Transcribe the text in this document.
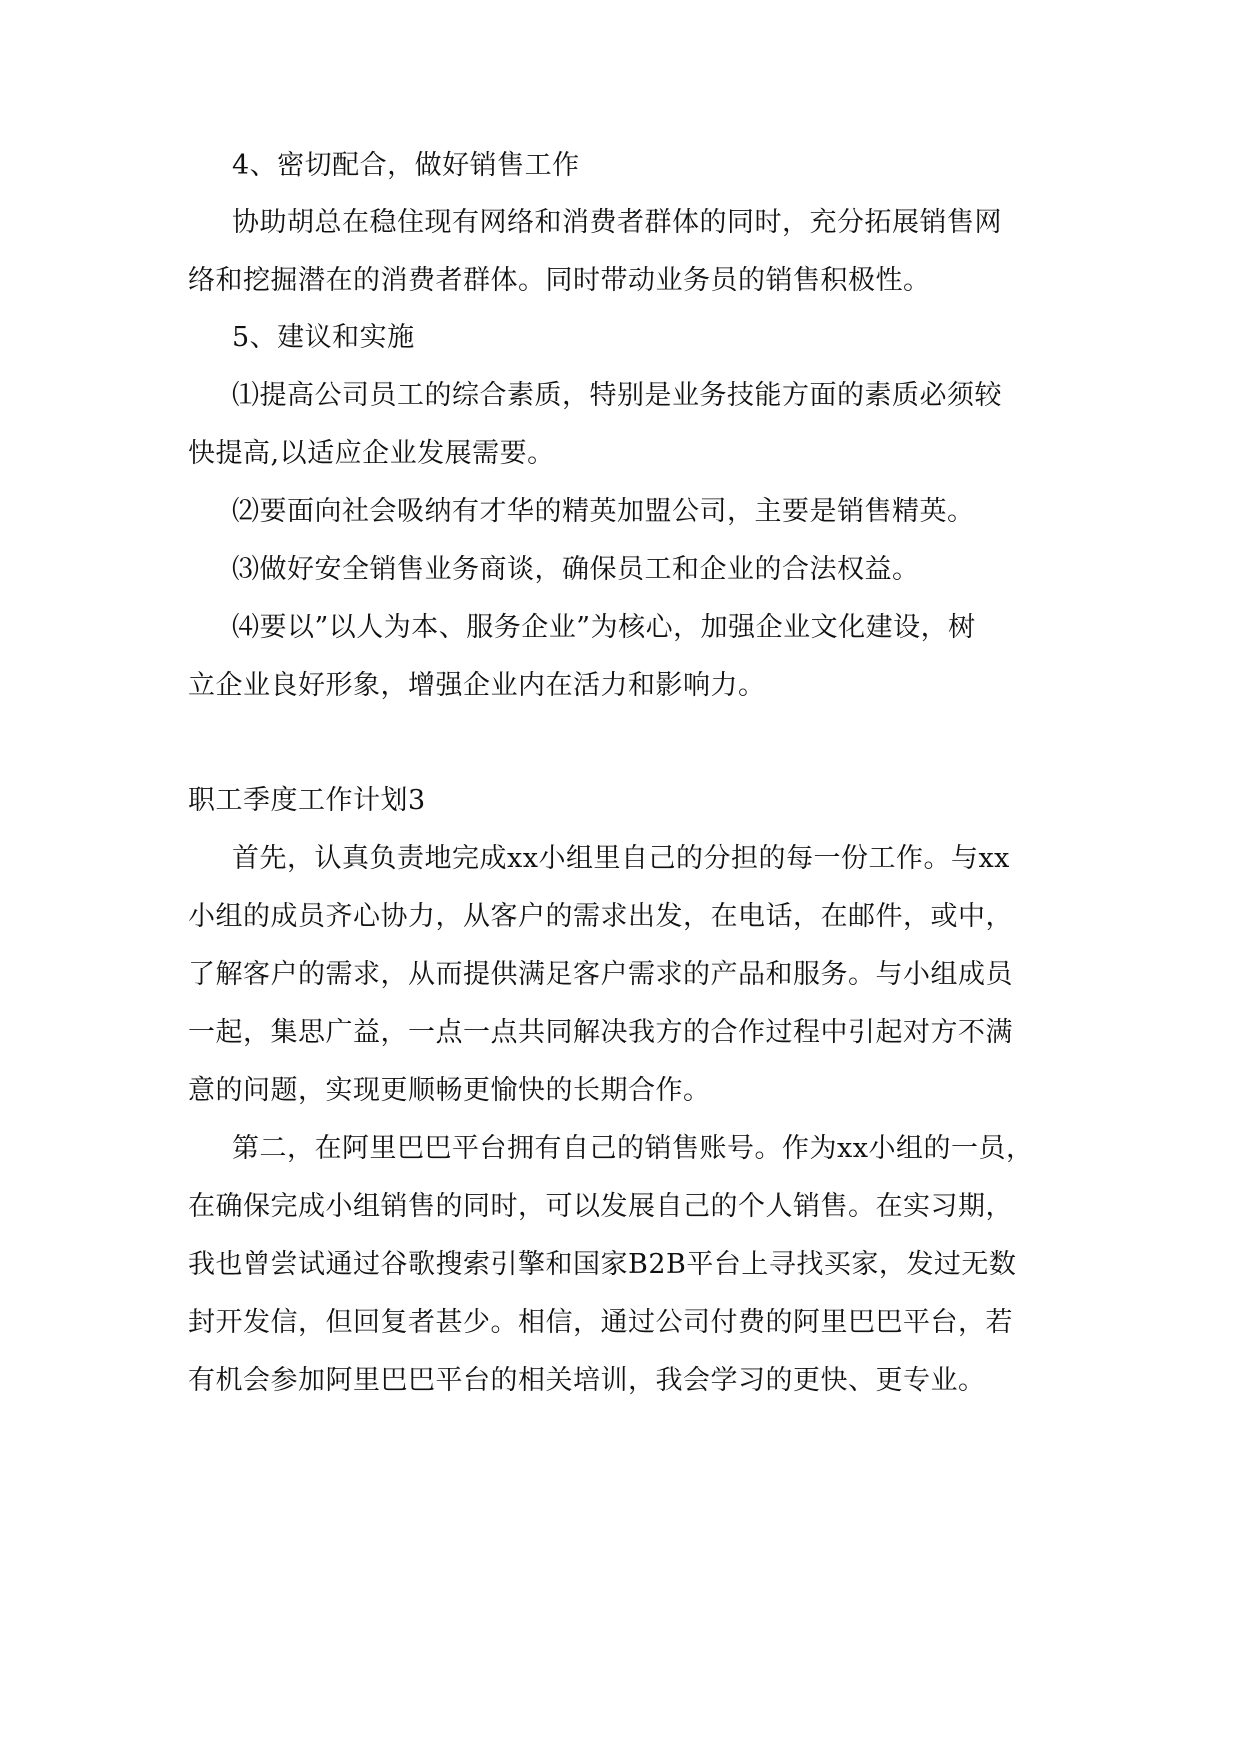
4、密切配合，做好销售工作
协助胡总在稳住现有网络和消费者群体的同时，充分拓展销售网
络和挖掘潜在的消费者群体。同时带动业务员的销售积极性。
5、建议和实施
⑴提高公司员工的综合素质，特别是业务技能方面的素质必须较
快提高,以适应企业发展需要。
⑵要面向社会吸纳有才华的精英加盟公司，主要是销售精英。
⑶做好安全销售业务商谈，确保员工和企业的合法权益。
⑷要以”以人为本、服务企业”为核心，加强企业文化建设，树
立企业良好形象，增强企业内在活力和影响力。
职工季度工作计划3
首先，认真负责地完成xx小组里自己的分担的每一份工作。与xx
小组的成员齐心协力，从客户的需求出发，在电话，在邮件，或中，
了解客户的需求，从而提供满足客户需求的产品和服务。与小组成员
一起，集思广益，一点一点共同解决我方的合作过程中引起对方不满
意的问题，实现更顺畅更愉快的长期合作。
第二，在阿里巴巴平台拥有自己的销售账号。作为xx小组的一员，
在确保完成小组销售的同时，可以发展自己的个人销售。在实习期，
我也曾尝试通过谷歌搜索引擎和国家B2B平台上寻找买家，发过无数
封开发信，但回复者甚少。相信，通过公司付费的阿里巴巴平台，若
有机会参加阿里巴巴平台的相关培训，我会学习的更快、更专业。
